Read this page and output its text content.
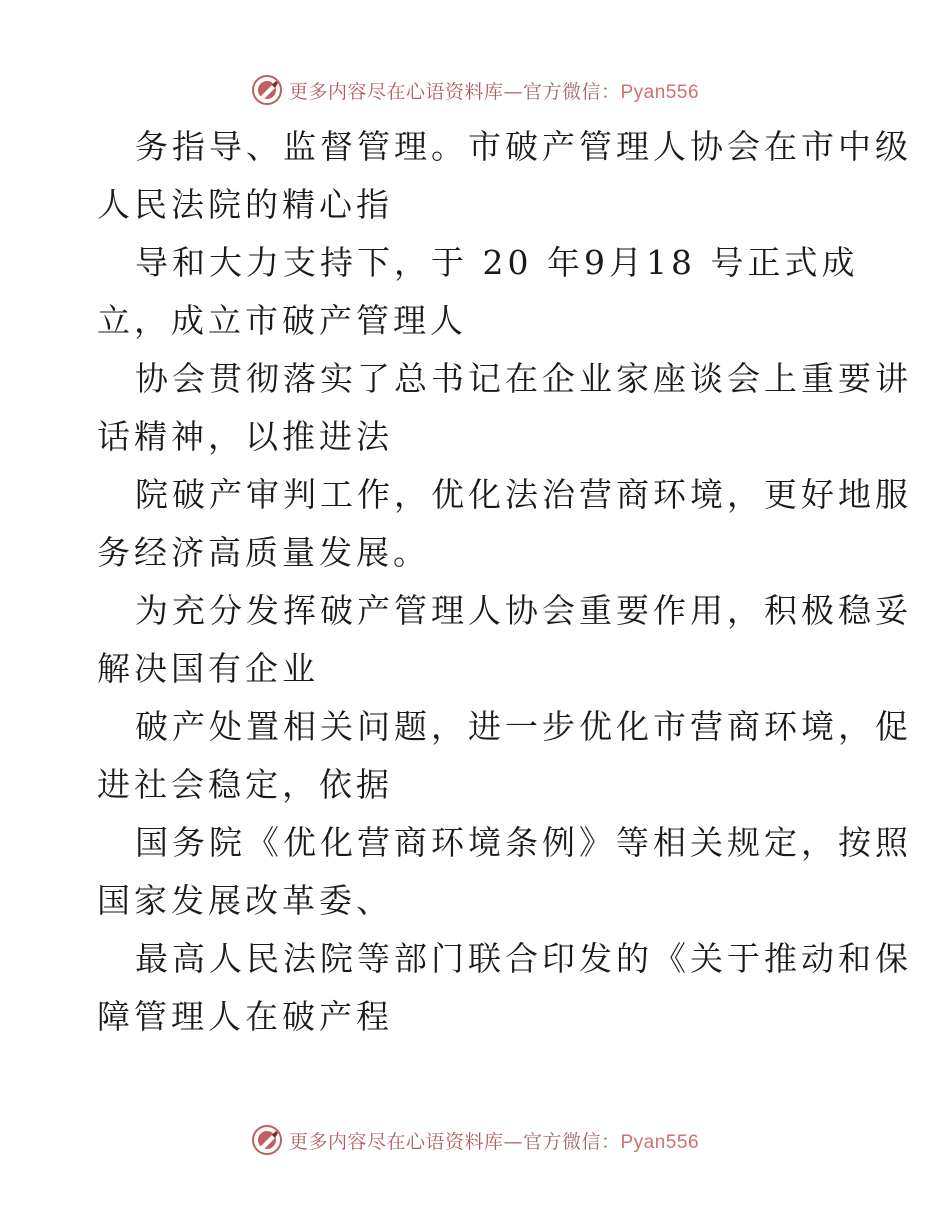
更多内容尽在心语资料库—官方微信：Pyan556
务指导、监督管理。市破产管理人协会在市中级
人民法院的精心指
导和大力支持下，于 20 年9月18 号正式成
立，成立市破产管理人
协会贯彻落实了总书记在企业家座谈会上重要讲
话精神，以推进法
院破产审判工作，优化法治营商环境，更好地服
务经济高质量发展。
为充分发挥破产管理人协会重要作用，积极稳妥
解决国有企业
破产处置相关问题，进一步优化市营商环境，促
进社会稳定，依据
国务院《优化营商环境条例》等相关规定，按照
国家发展改革委、
最高人民法院等部门联合印发的《关于推动和保
障管理人在破产程
更多内容尽在心语资料库—官方微信：Pyan556
